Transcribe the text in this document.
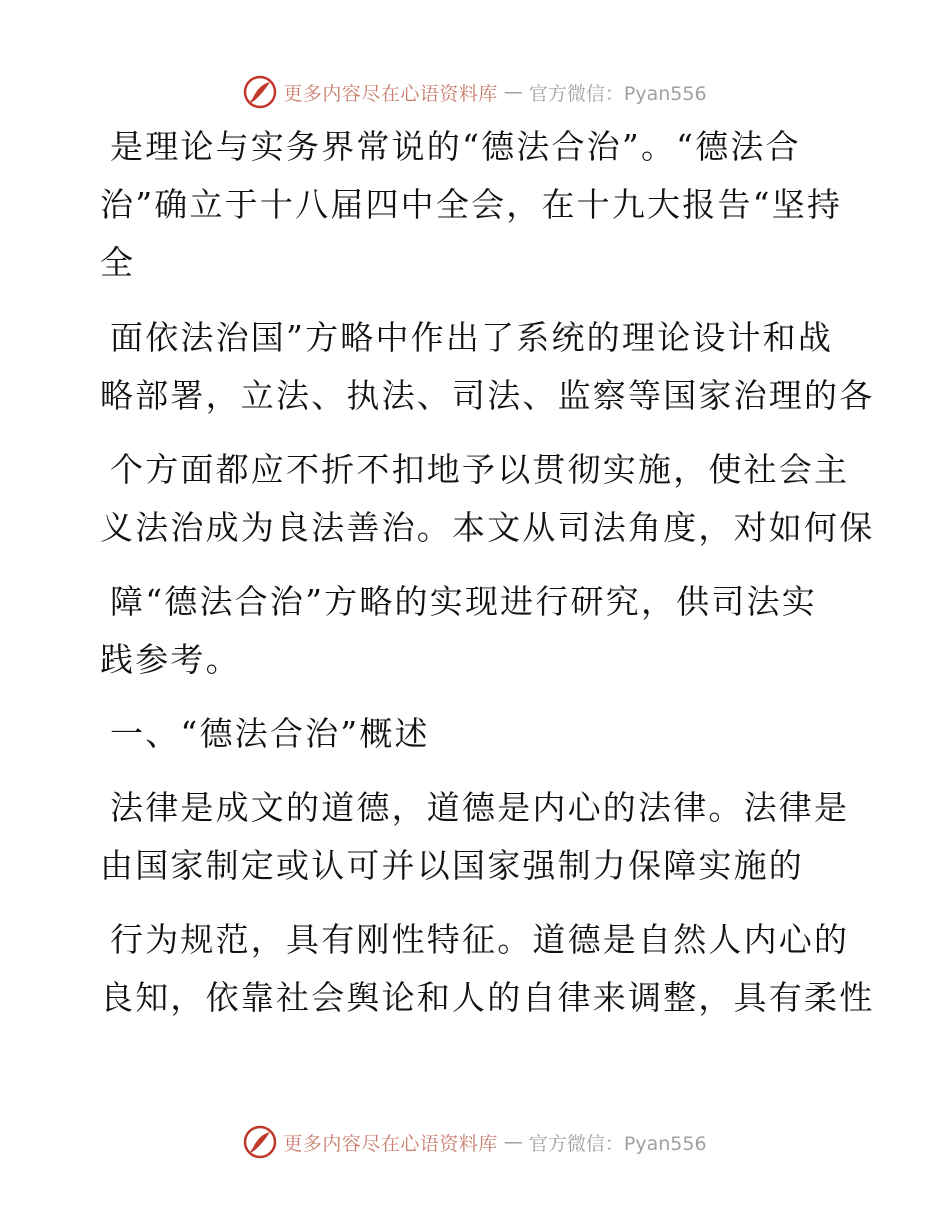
更多内容尽在心语资料库 — 官方微信：Pyan556
是理论与实务界常说的“德法合治”。“德法合
治”确立于十八届四中全会，在十九大报告“坚持
全
面依法治国”方略中作出了系统的理论设计和战
略部署，立法、执法、司法、监察等国家治理的各
个方面都应不折不扣地予以贯彻实施，使社会主
义法治成为良法善治。本文从司法角度，对如何保
障“德法合治”方略的实现进行研究，供司法实
践参考。
一、“德法合治”概述
法律是成文的道德，道德是内心的法律。法律是
由国家制定或认可并以国家强制力保障实施的
行为规范，具有刚性特征。道德是自然人内心的
良知，依靠社会舆论和人的自律来调整，具有柔性
更多内容尽在心语资料库 — 官方微信：Pyan556
